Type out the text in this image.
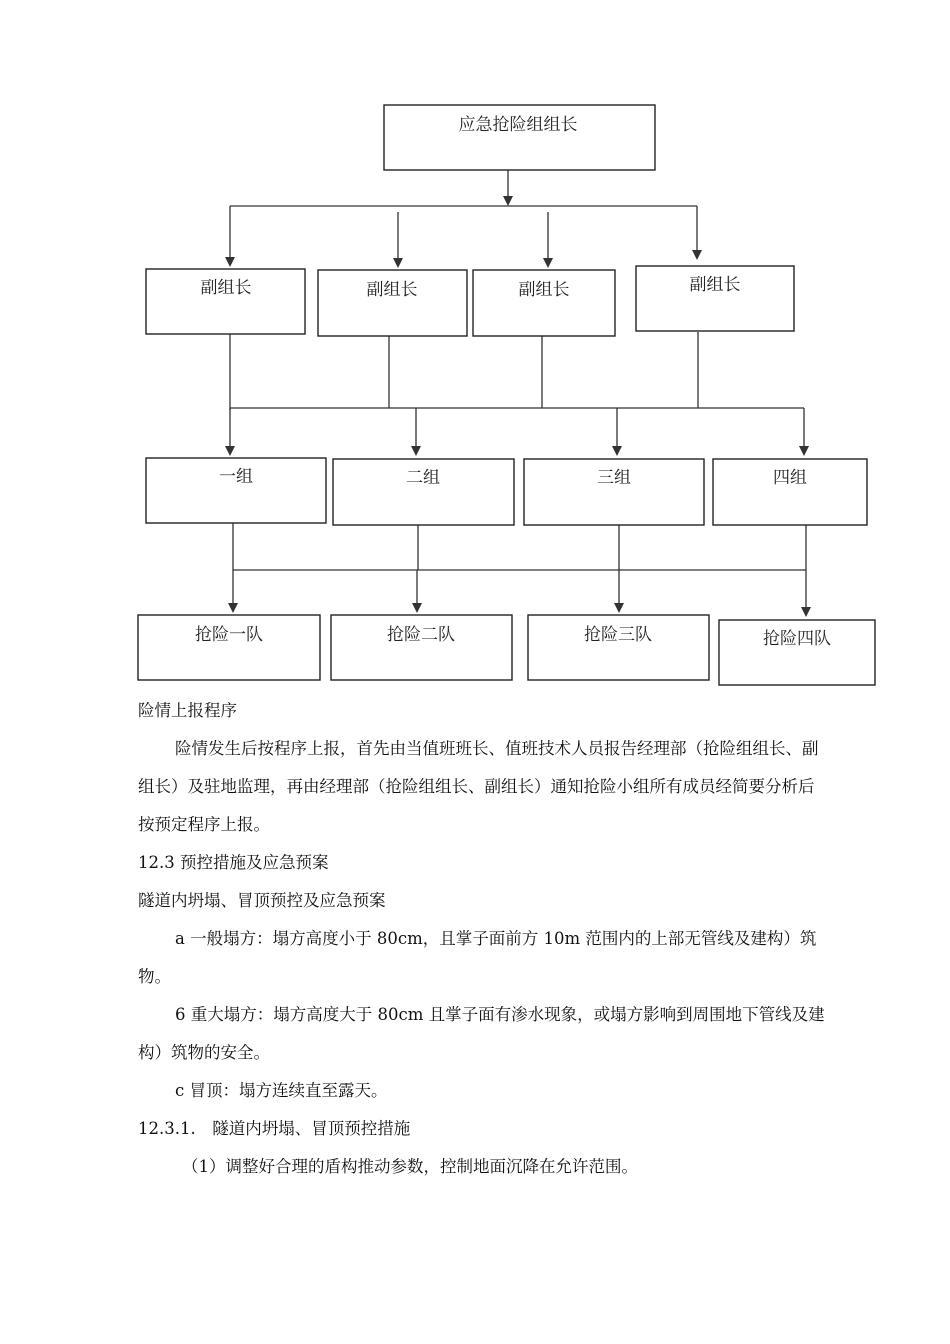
应急抢险组组长
副组长	副组长	副组长	副组长
一组	二组	三组	四组
抢险一队	抢险二队	抢险三队	抢险四队

险情上报程序

险情发生后按程序上报，首先由当值班班长、值班技术人员报告经理部（抢险组组长、副组长）及驻地监理，再由经理部（抢险组组长、副组长）通知抢险小组所有成员经简要分析后按预定程序上报。

12.3 预控措施及应急预案

隧道内坍塌、冒顶预控及应急预案

a 一般塌方：塌方高度小于 80cm，且掌子面前方 10m 范围内的上部无管线及建构）筑物。

6 重大塌方：塌方高度大于 80cm 且掌子面有渗水现象，或塌方影响到周围地下管线及建构）筑物的安全。

c 冒顶：塌方连续直至露天。

12.3.1.　隧道内坍塌、冒顶预控措施

（1）调整好合理的盾构推动参数，控制地面沉降在允许范围。
